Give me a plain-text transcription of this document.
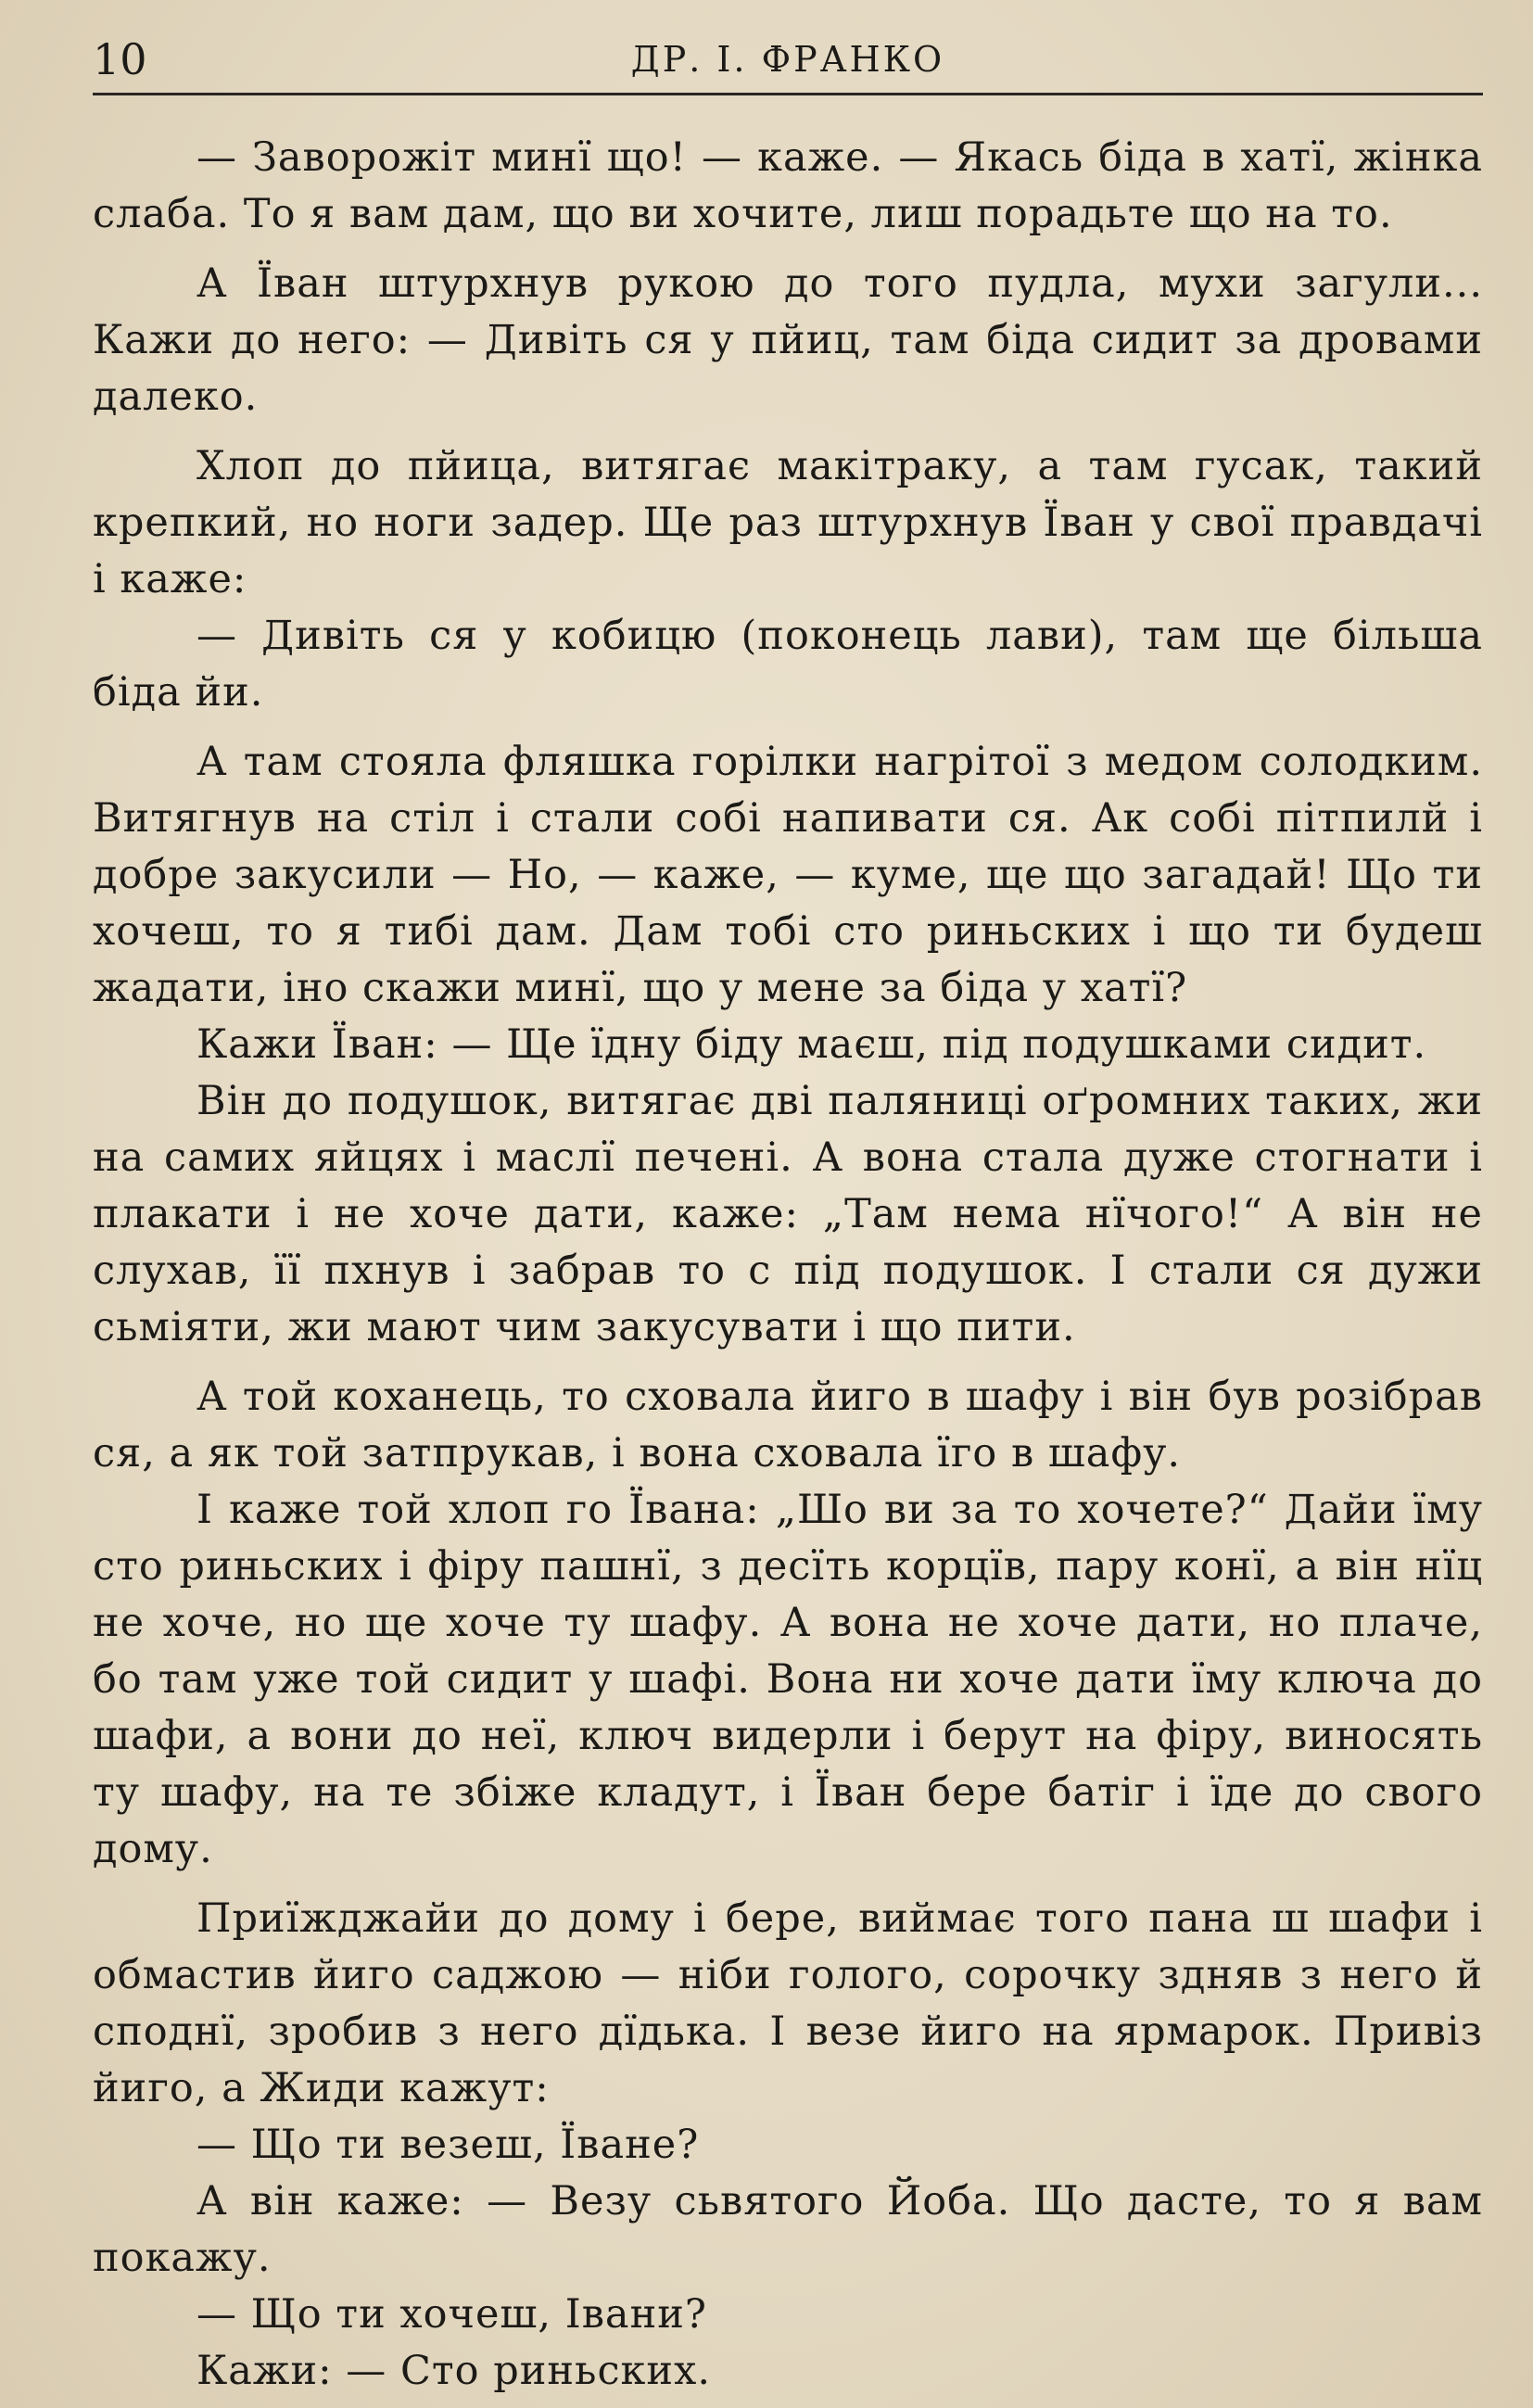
10	ДР. І. ФРАНКО

— Заворожіт минї що! — каже. — Якась біда в хатї, жінка слаба. То я вам дам, що ви хочите, лиш порадьте що на то.

А Їван штурхнув рукою до того пудла, мухи загули... Кажи до него: — Дивіть ся у пйиц, там біда сидит за дровами далеко.

Хлоп до пйица, витягає макітраку, а там гусак, такий крепкий, но ноги задер. Ще раз штурхнув Їван у свої правдачі і каже:

— Дивіть ся у кобицю (поконець лави), там ще більша біда йи.

А там стояла фляшка горілки нагрітої з медом солодким. Витягнув на стіл і стали собі напивати ся. Ак собі пітпилй і добре закусили — Но, — каже, — куме, ще що загадай! Що ти хочеш, то я тибі дам. Дам тобі сто риньских і що ти будеш жадати, іно скажи минї, що у мене за біда у хатї?

Кажи Їван: — Ще їдну біду маєш, під подушками сидит.

Він до подушок, витягає дві паляниці оґромних таких, жи на самих яйцях і маслї печені. А вона стала дуже стогнати і плакати і не хоче дати, каже: „Там нема нїчого!“ А він не слухав, її пхнув і забрав то с під подушок. І стали ся дужи сьміяти, жи мают чим закусувати і що пити.

А той коханець, то сховала йиго в шафу і він був розібрав ся, а як той затпрукав, і вона сховала їго в шафу.

І каже той хлоп го Ївана: „Шо ви за то хочете?“ Дайи їму сто риньских і фіру пашнї, з десїть корцїв, пару конї, а він нїц не хоче, но ще хоче ту шафу. А вона не хоче дати, но плаче, бо там уже той сидит у шафі. Вона ни хоче дати їму ключа до шафи, а вони до неї, ключ видерли і берут на фіру, виносять ту шафу, на те збіже кладут, і Їван бере батіг і їде до свого дому.

Приїжджайи до дому і бере, виймає того пана ш шафи і обмастив йиго саджою — ніби голого, сорочку здняв з него й споднї, зробив з него дїдька. І везе йиго на ярмарок. Привіз йиго, а Жиди кажут:

— Що ти везеш, Їване?

А він каже: — Везу сьвятого Йоба. Що дасте, то я вам покажу.

— Що ти хочеш, Івани?

Кажи: — Сто риньских.
